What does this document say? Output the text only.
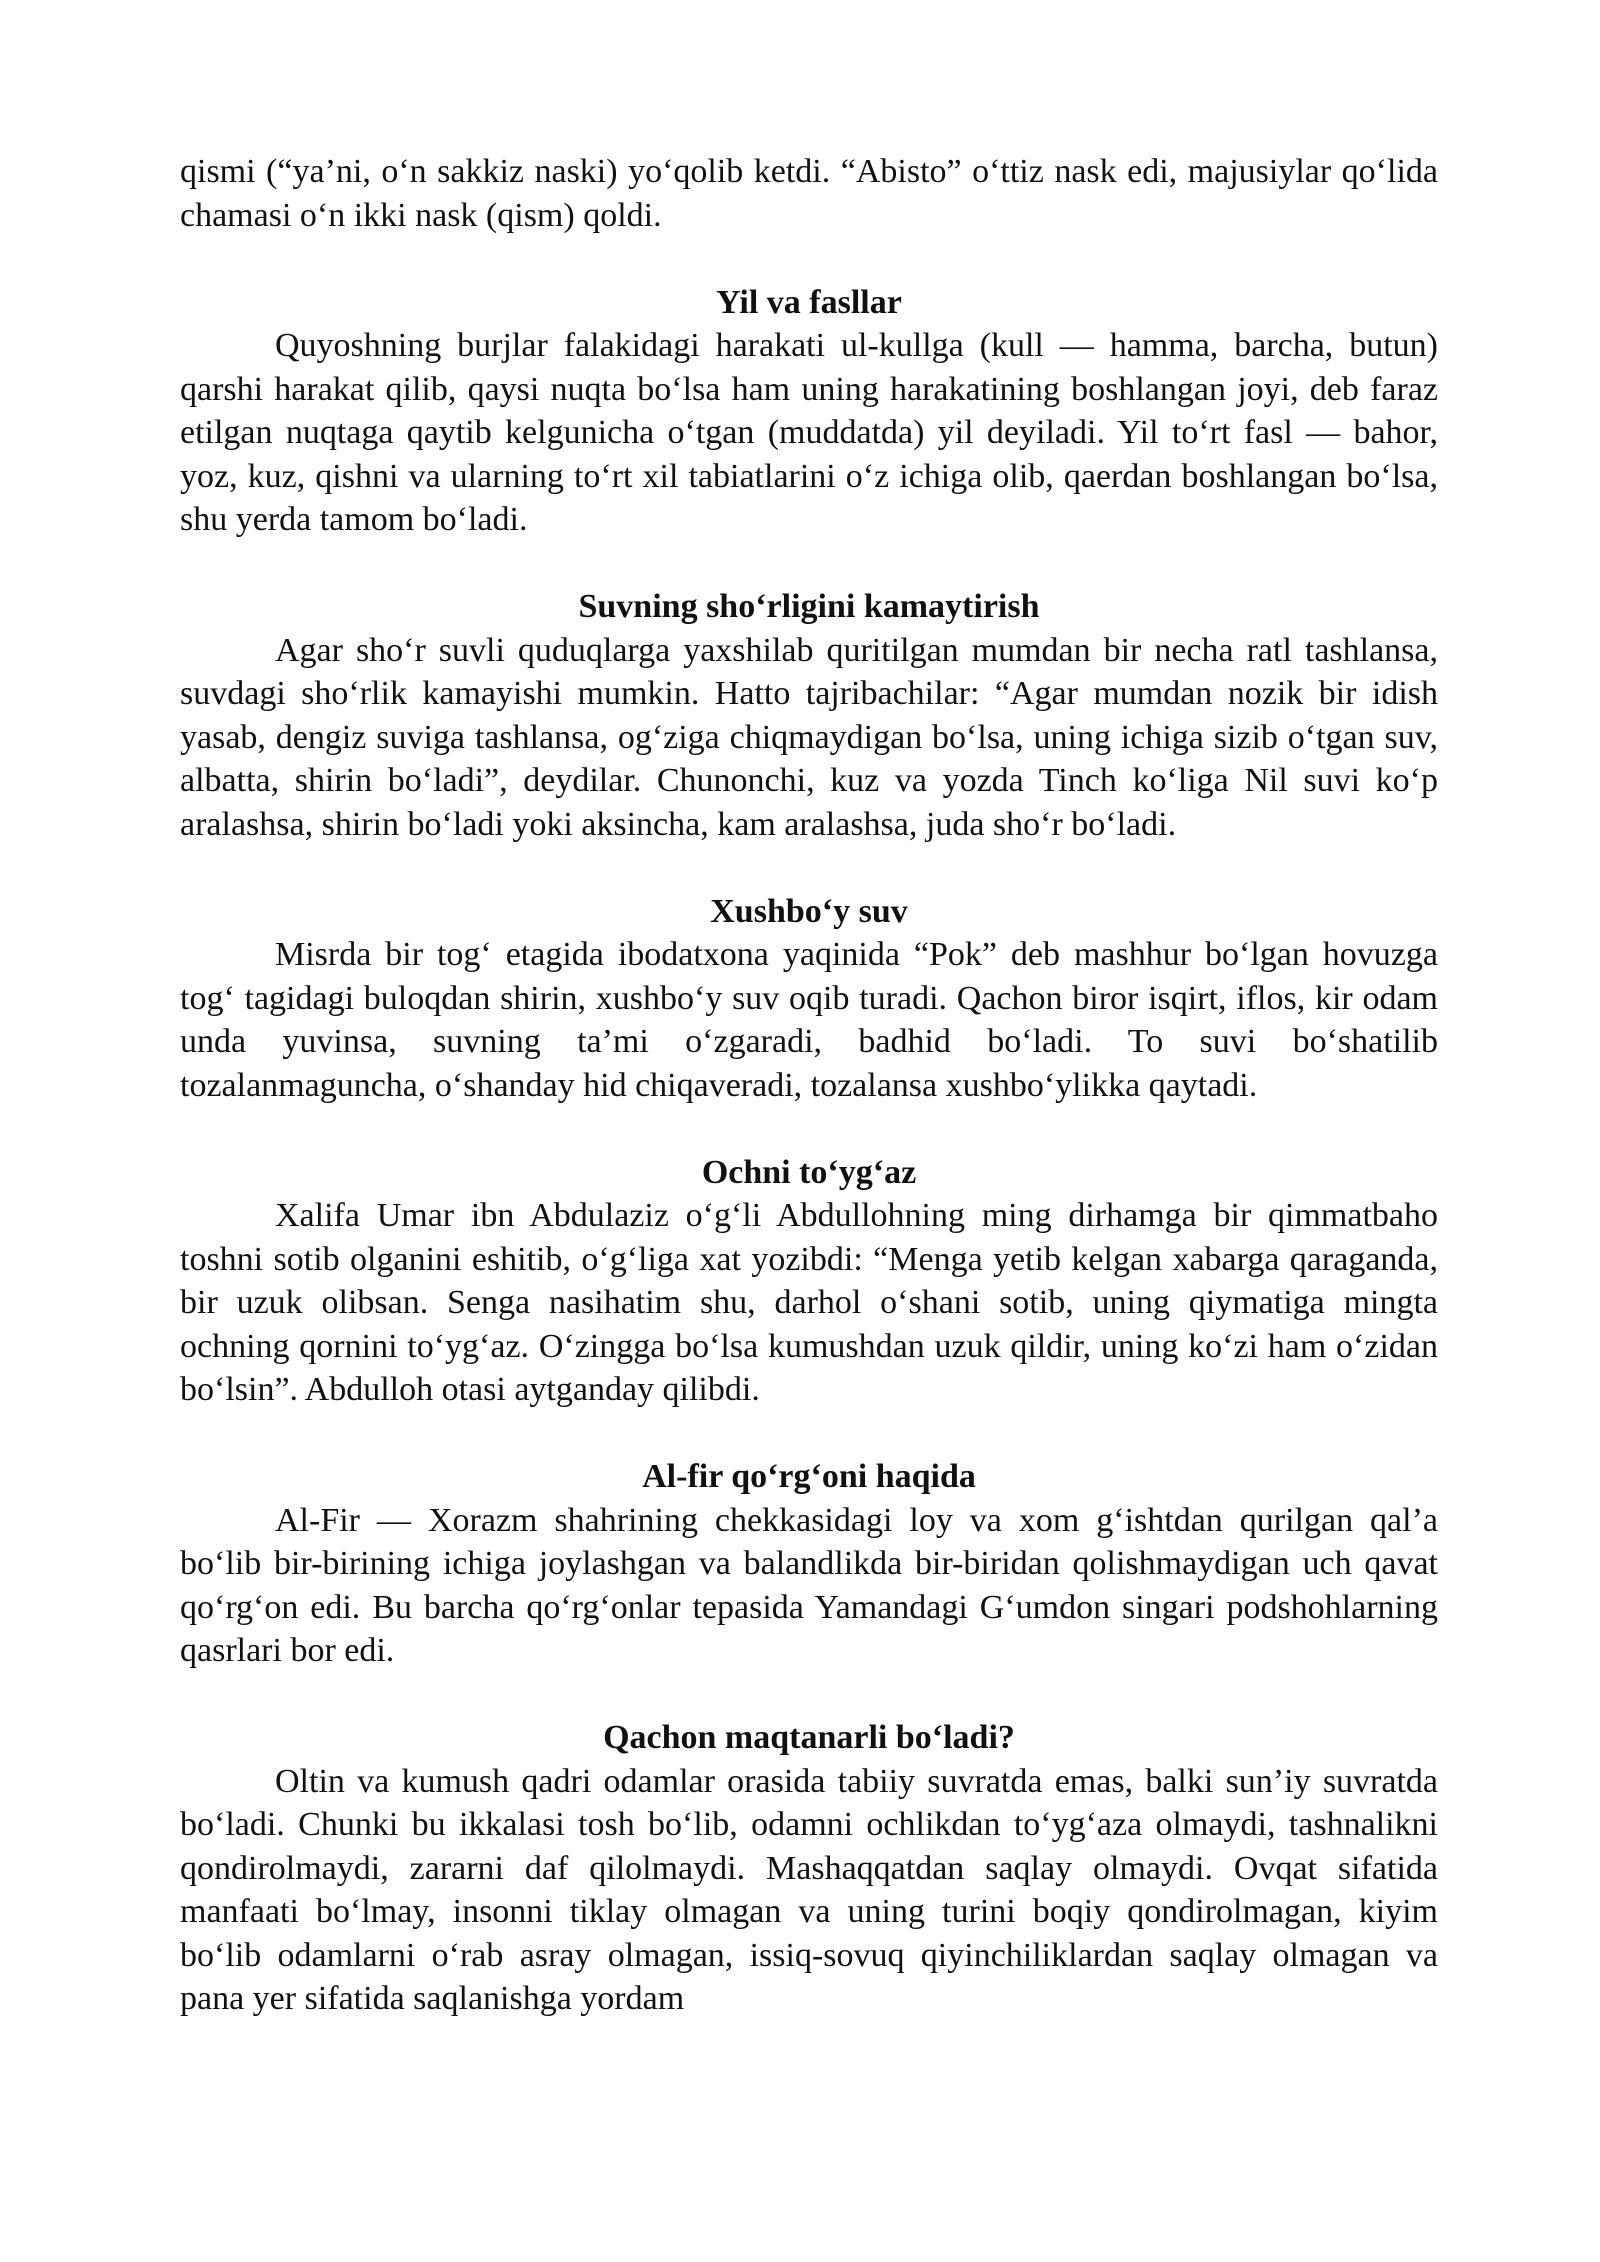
qismi (“ya’ni, o‘n sakkiz naski) yo‘qolib ketdi. “Abisto” o‘ttiz nask edi, majusiylar qo‘lida chamasi o‘n ikki nask (qism) qoldi.

Yil va fasllar

Quyoshning burjlar falakidagi harakati ul-kullga (kull — hamma, barcha, butun) qarshi harakat qilib, qaysi nuqta bo‘lsa ham uning harakatining boshlangan joyi, deb faraz etilgan nuqtaga qaytib kelgunicha o‘tgan (muddatda) yil deyiladi. Yil to‘rt fasl — bahor, yoz, kuz, qishni va ularning to‘rt xil tabiatlarini o‘z ichiga olib, qaerdan boshlangan bo‘lsa, shu yerda tamom bo‘ladi.

Suvning sho‘rligini kamaytirish

Agar sho‘r suvli quduqlarga yaxshilab quritilgan mumdan bir necha ratl tashlansa, suvdagi sho‘rlik kamayishi mumkin. Hatto tajribachilar: “Agar mumdan nozik bir idish yasab, dengiz suviga tashlansa, og‘ziga chiqmaydigan bo‘lsa, uning ichiga sizib o‘tgan suv, albatta, shirin bo‘ladi”, deydilar. Chunonchi, kuz va yozda Tinch ko‘liga Nil suvi ko‘p aralashsa, shirin bo‘ladi yoki aksincha, kam aralashsa, juda sho‘r bo‘ladi.

Xushbo‘y suv

Misrda bir tog‘ etagida ibodatxona yaqinida “Pok” deb mashhur bo‘lgan hovuzga tog‘ tagidagi buloqdan shirin, xushbo‘y suv oqib turadi. Qachon biror isqirt, iflos, kir odam unda yuvinsa, suvning ta’mi o‘zgaradi, badhid bo‘ladi. To suvi bo‘shatilib tozalanmaguncha, o‘shanday hid chiqaveradi, tozalansa xushbo‘ylikka qaytadi.

Ochni to‘yg‘az

Xalifa Umar ibn Abdulaziz o‘g‘li Abdullohning ming dirhamga bir qimmatbaho toshni sotib olganini eshitib, o‘g‘liga xat yozibdi: “Menga yetib kelgan xabarga qaraganda, bir uzuk olibsan. Senga nasihatim shu, darhol o‘shani sotib, uning qiymatiga mingta ochning qornini to‘yg‘az. O‘zingga bo‘lsa kumushdan uzuk qildir, uning ko‘zi ham o‘zidan bo‘lsin”. Abdulloh otasi aytganday qilibdi.

Al-fir qo‘rg‘oni haqida

Al-Fir — Xorazm shahrining chekkasidagi loy va xom g‘ishtdan qurilgan qal’a bo‘lib bir-birining ichiga joylashgan va balandlikda bir-biridan qolishmaydigan uch qavat qo‘rg‘on edi. Bu barcha qo‘rg‘onlar tepasida Yamandagi G‘umdon singari podshohlarning qasrlari bor edi.

Qachon maqtanarli bo‘ladi?

Oltin va kumush qadri odamlar orasida tabiiy suvratda emas, balki sun’iy suvratda bo‘ladi. Chunki bu ikkalasi tosh bo‘lib, odamni ochlikdan to‘yg‘aza olmaydi, tashnalikni qondirolmaydi, zararni daf qilolmaydi. Mashaqqatdan saqlay olmaydi. Ovqat sifatida manfaati bo‘lmay, insonni tiklay olmagan va uning turini boqiy qondirolmagan, kiyim bo‘lib odamlarni o‘rab asray olmagan, issiq-sovuq qiyinchiliklardan saqlay olmagan va pana yer sifatida saqlanishga yordam
